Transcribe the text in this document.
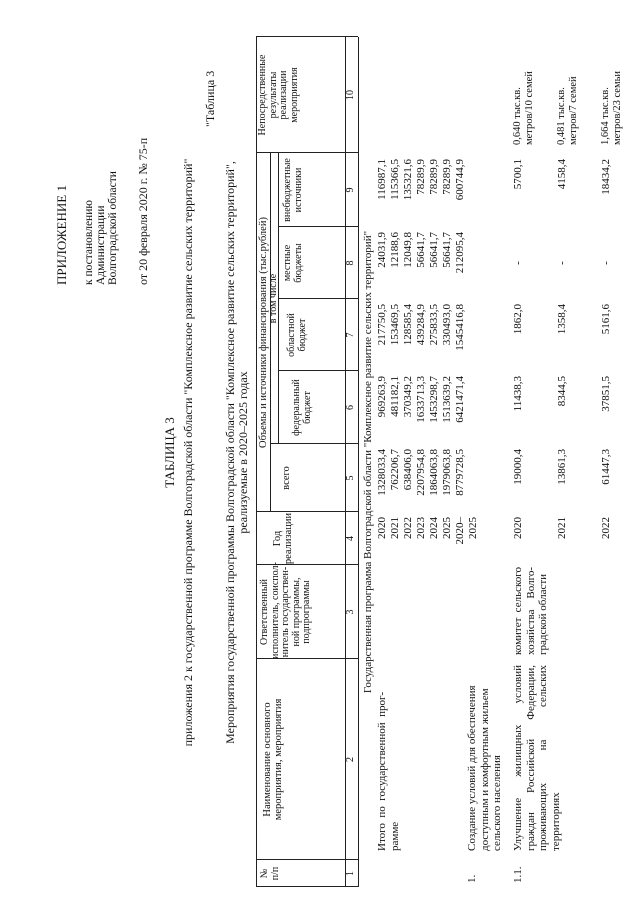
ПРИЛОЖЕНИЕ 1 к постановлению Администрации Волгоградской области от 20 февраля 2020 г. № 75-п
ТАБЛИЦА 3 приложения 2 к государственной программе Волгоградской области "Комплексное развитие сельских территорий"
"Таблица 3
Мероприятия государственной программы Волгоградской области "Комплексное развитие сельских территорий", реализуемые в 2020–2025 годах
№
п/п
Наименование основного
мероприятия, мероприятия
Ответственный
исполнитель, соиспол-
нитель государствен-
ной программы,
подпрограммы
Год
реализации
Объемы и источники финансирования (тыс.рублей)
всего
в том числе
федеральный
бюджет
областной
бюджет
местные
бюджеты
внебюджетные
источники
Непосредственные
результаты
реализации
мероприятия
1
2
3
4
5
6
7
8
9
10
Государственная программа Волгоградской области "Комплексное развитие сельских территорий"
Итого  по  государственной  прог-
рамме
2020 2021 2022 2023 2024 2025 2020–2025
1328033,4 762206,7 638406,0 2207954,8 1864063,8 1979063,8 8779728,5
969263,9 481182,1 370349,2 1633713,3 1453298,7 1513639,2 6421471,4
217750,5 153469,5 128585,4 439284,9 275833,5 330493,0 1545416,8
24031,9 12188,6 12049,8 56641,7 56641,7 56641,7 212095,4
116987,1 115366,5 135321,6 78289,9 78289,9 78289,9 600744,9
1.
Создание условий для обеспечения доступным и комфортным жильем сельского населения
1.1.
Улучшение жилищных условий граждан Российской Федерации, проживающих на сельских территориях
комитет сельского хозяйства Волго-градской области
2020
19000,4
11438,3
1862,0
-
5700,1
0,640 тыс.кв.
метров/10 семей
2021
13861,3
8344,5
1358,4
-
4158,4
0,481 тыс.кв.
метров/7 семей
2022
61447,3
37851,5
5161,6
-
18434,2
1,664 тыс.кв.
метров/23 семьи
